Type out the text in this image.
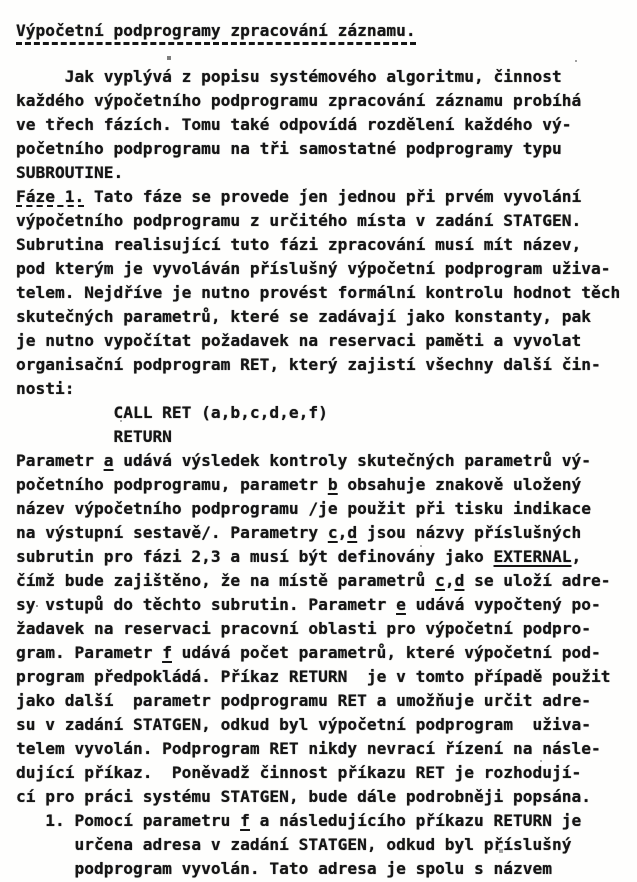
Výpočetní podprogramy zpracování záznamu.
Jak vyplývá z popisu systémového algoritmu, činnost
každého výpočetního podprogramu zpracování záznamu probíhá
ve třech fázích. Tomu také odpovídá rozdělení každého vý-
početního podprogramu na tři samostatné podprogramy typu
SUBROUTINE.
Fáze 1. Tato fáze se provede jen jednou při prvém vyvolání
výpočetního podprogramu z určitého místa v zadání STATGEN.
Subrutina realisující tuto fázi zpracování musí mít název,
pod kterým je vyvoláván příslušný výpočetní podprogram uživa-
telem. Nejdříve je nutno provést formální kontrolu hodnot těch
skutečných parametrů, které se zadávají jako konstanty, pak
je nutno vypočítat požadavek na reservaci paměti a vyvolat
organisační podprogram RET, který zajistí všechny další čin-
nosti:
CALL RET (a,b,c,d,e,f)
RETURN
Parametr a udává výsledek kontroly skutečných parametrů vý-
početního podprogramu, parametr b obsahuje znakově uložený
název výpočetního podprogramu /je použit při tisku indikace
na výstupní sestavě/. Parametry c,d jsou názvy příslušných
subrutin pro fázi 2,3 a musí být definovány jako EXTERNAL,
čímž bude zajištěno, že na místě parametrů c,d se uloží adre-
sy vstupů do těchto subrutin. Parametr e udává vypočtený po-
žadavek na reservaci pracovní oblasti pro výpočetní podpro-
gram. Parametr f udává počet parametrů, které výpočetní pod-
program předpokládá. Příkaz RETURN  je v tomto případě použit
jako další  parametr podprogramu RET a umožňuje určit adre-
su v zadání STATGEN, odkud byl výpočetní podprogram  uživa-
telem vyvolán. Podprogram RET nikdy nevrací řízení na násle-
dující příkaz.  Poněvadž činnost příkazu RET je rozhodují-
cí pro práci systému STATGEN, bude dále podrobněji popsána.
1. Pomocí parametru f a následujícího příkazu RETURN je
určena adresa v zadání STATGEN, odkud byl příslušný
podprogram vyvolán. Tato adresa je spolu s názvem
